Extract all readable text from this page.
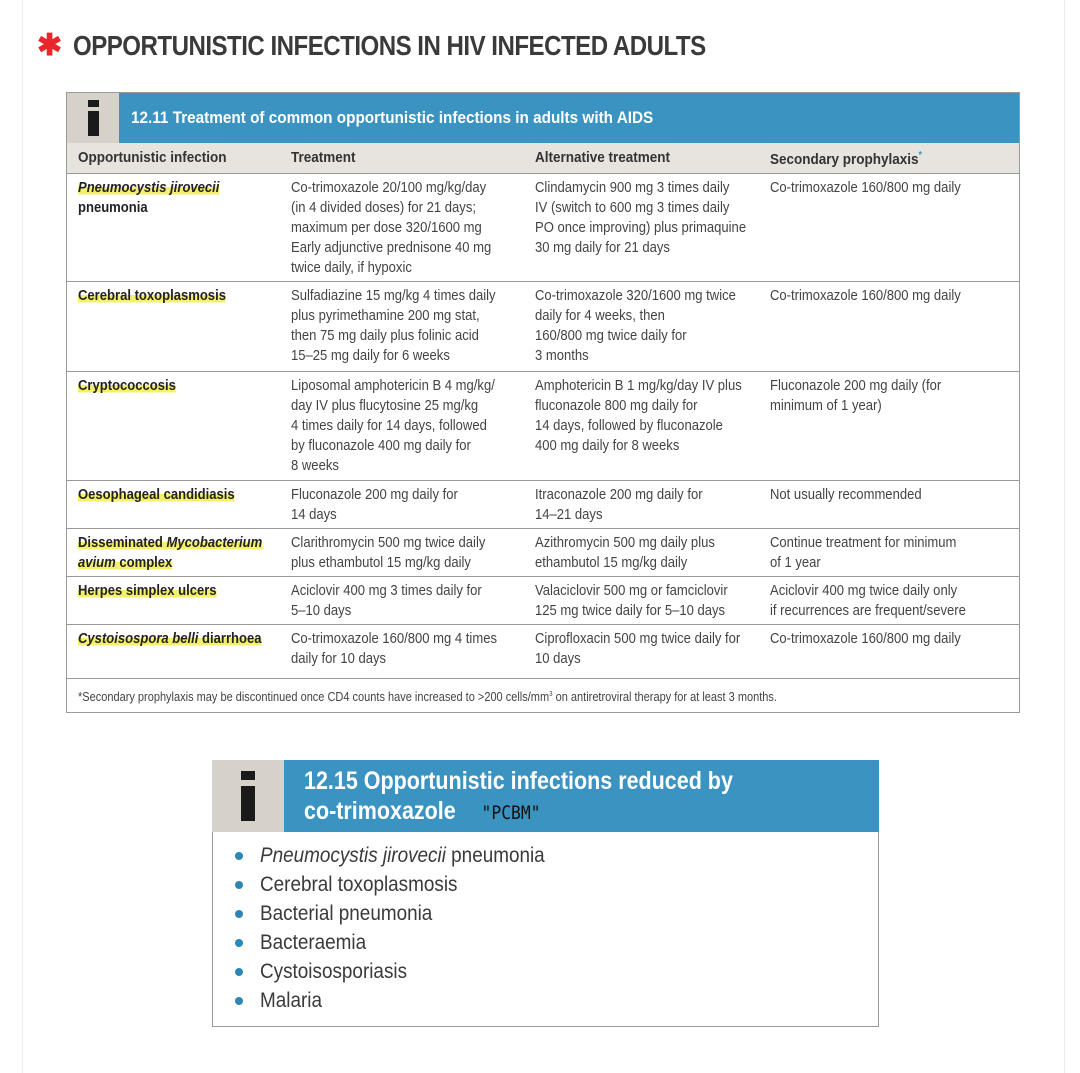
✱ OPPORTUNISTIC INFECTIONS IN HIV INFECTED ADULTS
12.11 Treatment of common opportunistic infections in adults with AIDS
Opportunistic infection	Treatment	Alternative treatment	Secondary prophylaxis*
Pneumocystis jirovecii
pneumonia	Co-trimoxazole 20/100 mg/kg/day
(in 4 divided doses) for 21 days;
maximum per dose 320/1600 mg
Early adjunctive prednisone 40 mg
twice daily, if hypoxic	Clindamycin 900 mg 3 times daily
IV (switch to 600 mg 3 times daily
PO once improving) plus primaquine
30 mg daily for 21 days	Co-trimoxazole 160/800 mg daily
Cerebral toxoplasmosis	Sulfadiazine 15 mg/kg 4 times daily
plus pyrimethamine 200 mg stat,
then 75 mg daily plus folinic acid
15–25 mg daily for 6 weeks	Co-trimoxazole 320/1600 mg twice
daily for 4 weeks, then
160/800 mg twice daily for
3 months	Co-trimoxazole 160/800 mg daily
Cryptococcosis	Liposomal amphotericin B 4 mg/kg/
day IV plus flucytosine 25 mg/kg
4 times daily for 14 days, followed
by fluconazole 400 mg daily for
8 weeks	Amphotericin B 1 mg/kg/day IV plus
fluconazole 800 mg daily for
14 days, followed by fluconazole
400 mg daily for 8 weeks	Fluconazole 200 mg daily (for
minimum of 1 year)
Oesophageal candidiasis	Fluconazole 200 mg daily for
14 days	Itraconazole 200 mg daily for
14–21 days	Not usually recommended
Disseminated Mycobacterium
avium complex	Clarithromycin 500 mg twice daily
plus ethambutol 15 mg/kg daily	Azithromycin 500 mg daily plus
ethambutol 15 mg/kg daily	Continue treatment for minimum
of 1 year
Herpes simplex ulcers	Aciclovir 400 mg 3 times daily for
5–10 days	Valaciclovir 500 mg or famciclovir
125 mg twice daily for 5–10 days	Aciclovir 400 mg twice daily only
if recurrences are frequent/severe
Cystoisospora belli diarrhoea	Co-trimoxazole 160/800 mg 4 times
daily for 10 days	Ciprofloxacin 500 mg twice daily for
10 days	Co-trimoxazole 160/800 mg daily
*Secondary prophylaxis may be discontinued once CD4 counts have increased to >200 cells/$mm^3$ on antiretroviral therapy for at least 3 months.
12.15 Opportunistic infections reduced by
co-trimoxazole "PCBM"
Pneumocystis jirovecii pneumonia
Cerebral toxoplasmosis
Bacterial pneumonia
Bacteraemia
Cystoisosporiasis
Malaria
